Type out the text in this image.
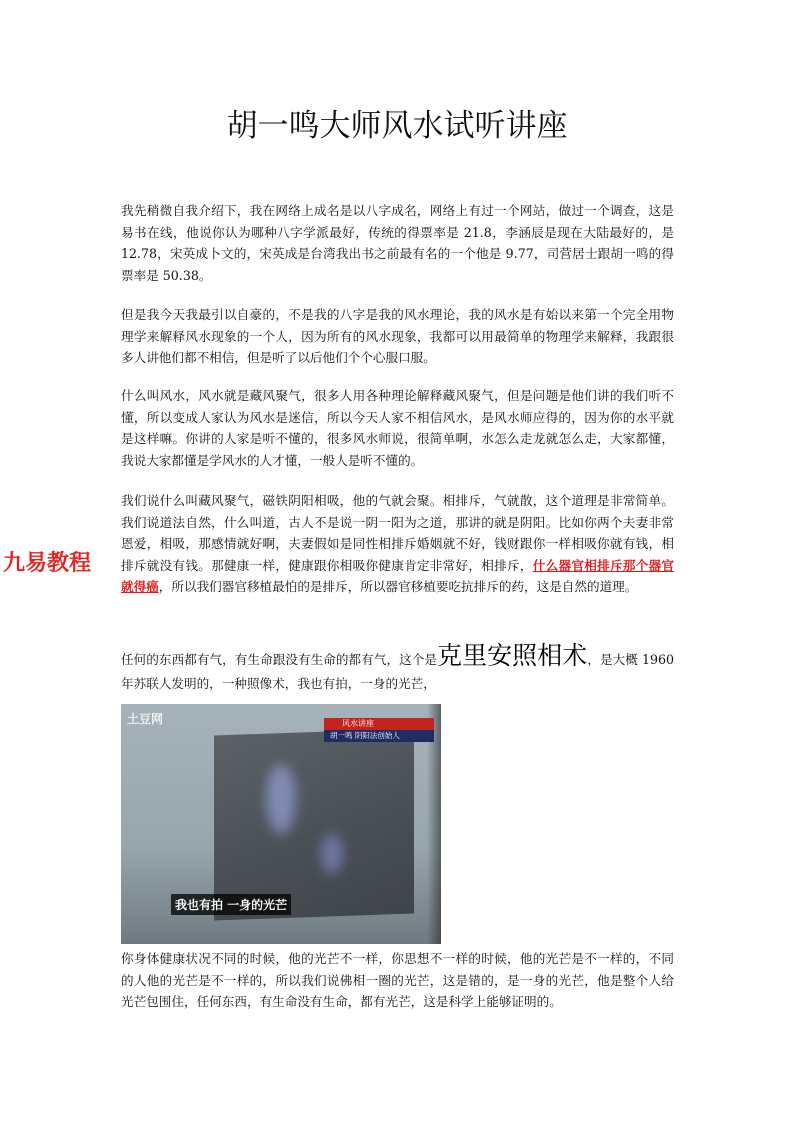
胡一鸣大师风水试听讲座

我先稍微自我介绍下，我在网络上成名是以八字成名，网络上有过一个网站，做过一个调查，这是易书在线，他说你认为哪种八字学派最好，传统的得票率是 21.8，李涵辰是现在大陆最好的，是 12.78，宋英成卜文的，宋英成是台湾我出书之前最有名的一个他是 9.77，司营居士跟胡一鸣的得票率是 50.38。

但是我今天我最引以自豪的，不是我的八字是我的风水理论，我的风水是有始以来第一个完全用物理学来解释风水现象的一个人，因为所有的风水现象，我都可以用最简单的物理学来解释，我跟很多人讲他们都不相信，但是听了以后他们个个心服口服。

什么叫风水，风水就是藏风聚气，很多人用各种理论解释藏风聚气，但是问题是他们讲的我们听不懂，所以变成人家认为风水是迷信，所以今天人家不相信风水，是风水师应得的，因为你的水平就是这样嘛。你讲的人家是听不懂的，很多风水师说，很简单啊，水怎么走龙就怎么走，大家都懂，我说大家都懂是学风水的人才懂，一般人是听不懂的。

我们说什么叫藏风聚气，磁铁阴阳相吸，他的气就会聚。相排斥，气就散，这个道理是非常简单。我们说道法自然，什么叫道，古人不是说一阴一阳为之道，那讲的就是阴阳。比如你两个夫妻非常恩爱，相吸，那感情就好啊，夫妻假如是同性相排斥婚姻就不好，钱财跟你一样相吸你就有钱，相排斥就没有钱。那健康一样，健康跟你相吸你健康肯定非常好，相排斥，什么器官相排斥那个器官就得癌，所以我们器官移植最怕的是排斥，所以器官移植要吃抗排斥的药，这是自然的道理。

九易教程

任何的东西都有气，有生命跟没有生命的都有气，这个是克里安照相术，是大概 1960 年苏联人发明的，一种照像术，我也有拍，一身的光芒，

土豆网	风水讲座
胡一鸣 阴阳法创始人
我也有拍 一身的光芒

你身体健康状况不同的时候，他的光芒不一样，你思想不一样的时候，他的光芒是不一样的，不同的人他的光芒是不一样的，所以我们说佛相一圈的光芒，这是错的，是一身的光芒，他是整个人给光芒包围住，任何东西，有生命没有生命，都有光芒，这是科学上能够证明的。
